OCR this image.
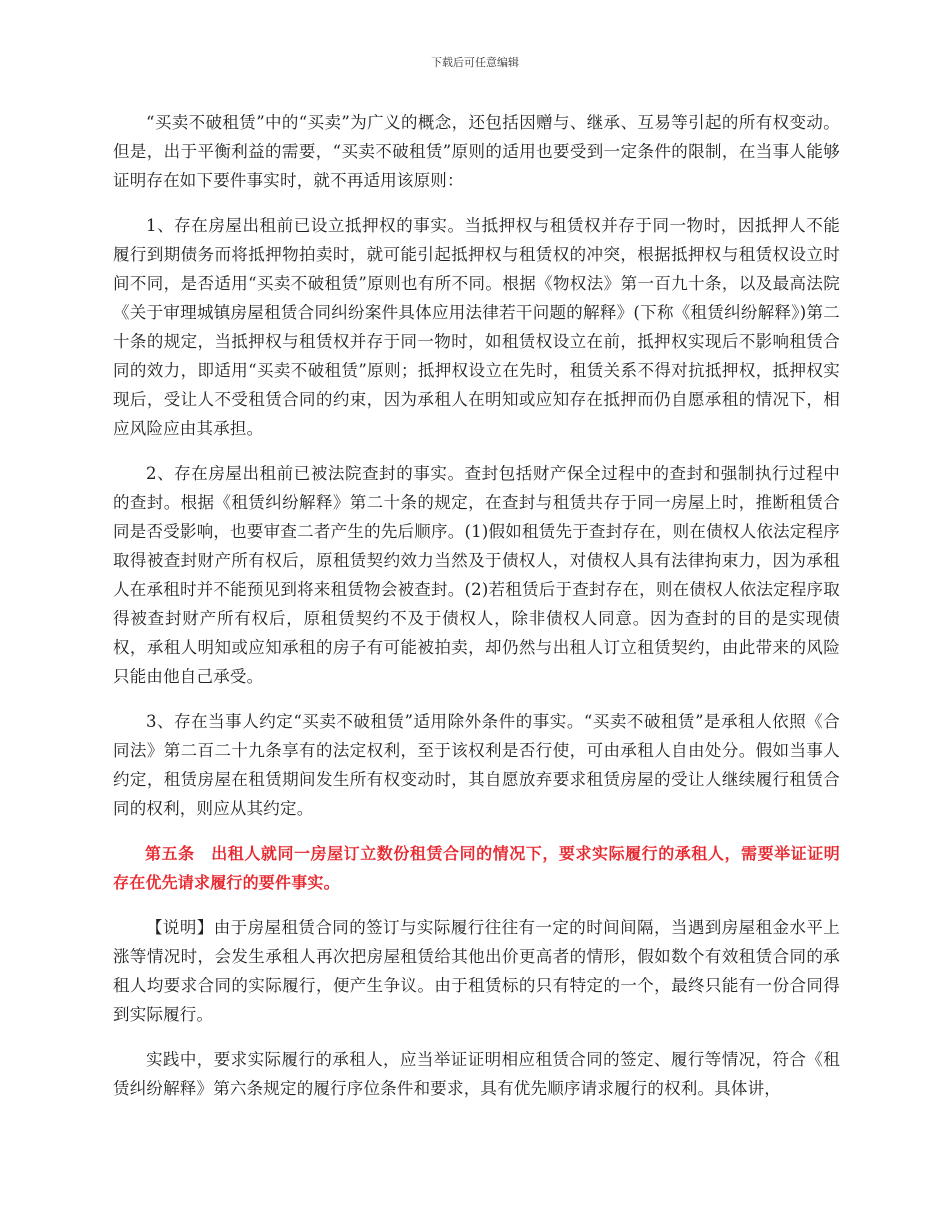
下载后可任意编辑

“买卖不破租赁”中的“买卖”为广义的概念，还包括因赠与、继承、互易等引起的所有权变动。但是，出于平衡利益的需要，“买卖不破租赁”原则的适用也要受到一定条件的限制，在当事人能够证明存在如下要件事实时，就不再适用该原则：

1、存在房屋出租前已设立抵押权的事实。当抵押权与租赁权并存于同一物时，因抵押人不能履行到期债务而将抵押物拍卖时，就可能引起抵押权与租赁权的冲突，根据抵押权与租赁权设立时间不同，是否适用“买卖不破租赁”原则也有所不同。根据《物权法》第一百九十条，以及最高法院《关于审理城镇房屋租赁合同纠纷案件具体应用法律若干问题的解释》(下称《租赁纠纷解释》)第二十条的规定，当抵押权与租赁权并存于同一物时，如租赁权设立在前，抵押权实现后不影响租赁合同的效力，即适用“买卖不破租赁”原则；抵押权设立在先时，租赁关系不得对抗抵押权，抵押权实现后，受让人不受租赁合同的约束，因为承租人在明知或应知存在抵押而仍自愿承租的情况下，相应风险应由其承担。

2、存在房屋出租前已被法院查封的事实。查封包括财产保全过程中的查封和强制执行过程中的查封。根据《租赁纠纷解释》第二十条的规定，在查封与租赁共存于同一房屋上时，推断租赁合同是否受影响，也要审查二者产生的先后顺序。(1)假如租赁先于查封存在，则在债权人依法定程序取得被查封财产所有权后，原租赁契约效力当然及于债权人，对债权人具有法律拘束力，因为承租人在承租时并不能预见到将来租赁物会被查封。(2)若租赁后于查封存在，则在债权人依法定程序取得被查封财产所有权后，原租赁契约不及于债权人，除非债权人同意。因为查封的目的是实现债权，承租人明知或应知承租的房子有可能被拍卖，却仍然与出租人订立租赁契约，由此带来的风险只能由他自己承受。

3、存在当事人约定“买卖不破租赁”适用除外条件的事实。“买卖不破租赁”是承租人依照《合同法》第二百二十九条享有的法定权利，至于该权利是否行使，可由承租人自由处分。假如当事人约定，租赁房屋在租赁期间发生所有权变动时，其自愿放弃要求租赁房屋的受让人继续履行租赁合同的权利，则应从其约定。

第五条　出租人就同一房屋订立数份租赁合同的情况下，要求实际履行的承租人，需要举证证明存在优先请求履行的要件事实。

【说明】由于房屋租赁合同的签订与实际履行往往有一定的时间间隔，当遇到房屋租金水平上涨等情况时，会发生承租人再次把房屋租赁给其他出价更高者的情形，假如数个有效租赁合同的承租人均要求合同的实际履行，便产生争议。由于租赁标的只有特定的一个，最终只能有一份合同得到实际履行。

实践中，要求实际履行的承租人，应当举证证明相应租赁合同的签定、履行等情况，符合《租赁纠纷解释》第六条规定的履行序位条件和要求，具有优先顺序请求履行的权利。具体讲，
